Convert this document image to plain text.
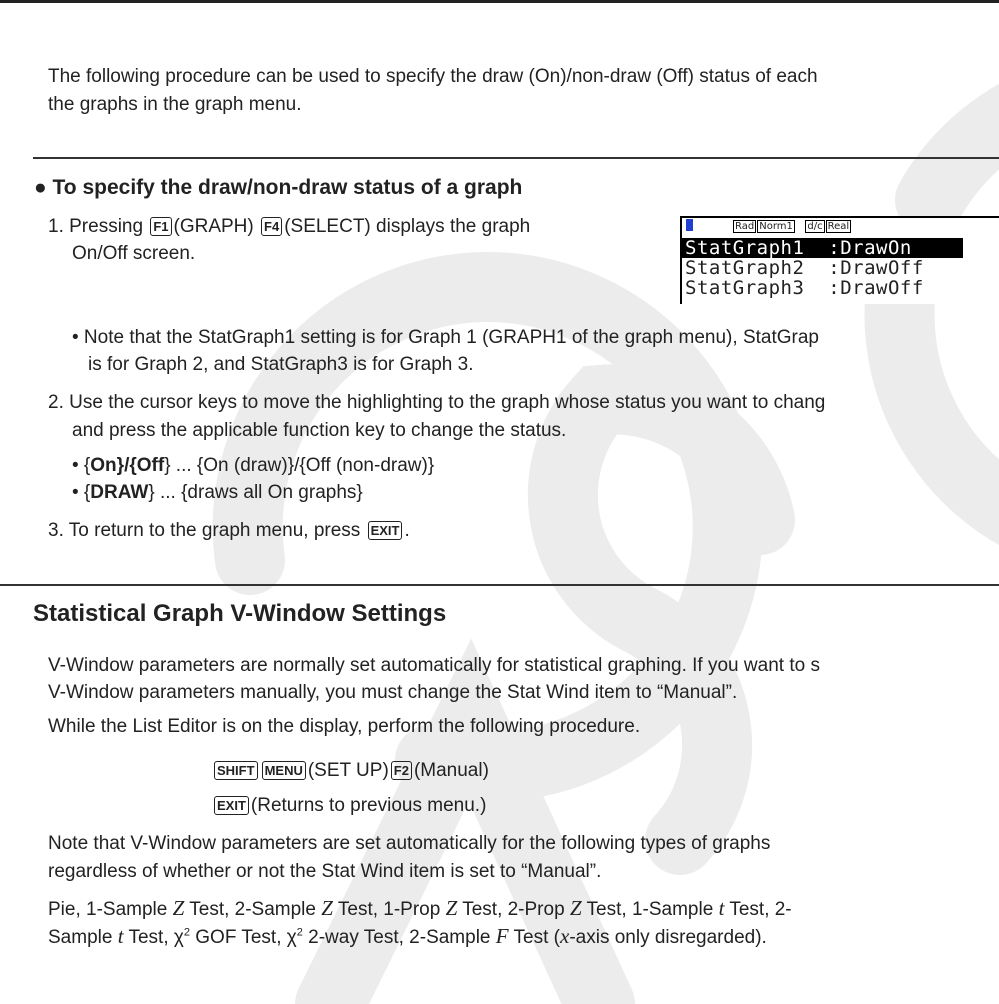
The following procedure can be used to specify the draw (On)/non-draw (Off) status of each
the graphs in the graph menu.
● To specify the draw/non-draw status of a graph
1. Pressing F1 (GRAPH) F4 (SELECT) displays the graph
On/Off screen.
Rad Norm1 d/c Real
StatGraph1 :DrawOn
StatGraph2 :DrawOff
StatGraph3 :DrawOff
• Note that the StatGraph1 setting is for Graph 1 (GRAPH1 of the graph menu), StatGrap
is for Graph 2, and StatGraph3 is for Graph 3.
2. Use the cursor keys to move the highlighting to the graph whose status you want to chang
and press the applicable function key to change the status.
• {On}/{Off} ... {On (draw)}/{Off (non-draw)}
• {DRAW} ... {draws all On graphs}
3. To return to the graph menu, press EXIT .
Statistical Graph V-Window Settings
V-Window parameters are normally set automatically for statistical graphing. If you want to s
V-Window parameters manually, you must change the Stat Wind item to “Manual”.
While the List Editor is on the display, perform the following procedure.
SHIFT MENU (SET UP) F2 (Manual)
EXIT (Returns to previous menu.)
Note that V-Window parameters are set automatically for the following types of graphs
regardless of whether or not the Stat Wind item is set to “Manual”.
Pie, 1-Sample Z Test, 2-Sample Z Test, 1-Prop Z Test, 2-Prop Z Test, 1-Sample t Test, 2-
Sample t Test, $\chi^2$ GOF Test, $\chi^2$ 2-way Test, 2-Sample F Test (x-axis only disregarded).
